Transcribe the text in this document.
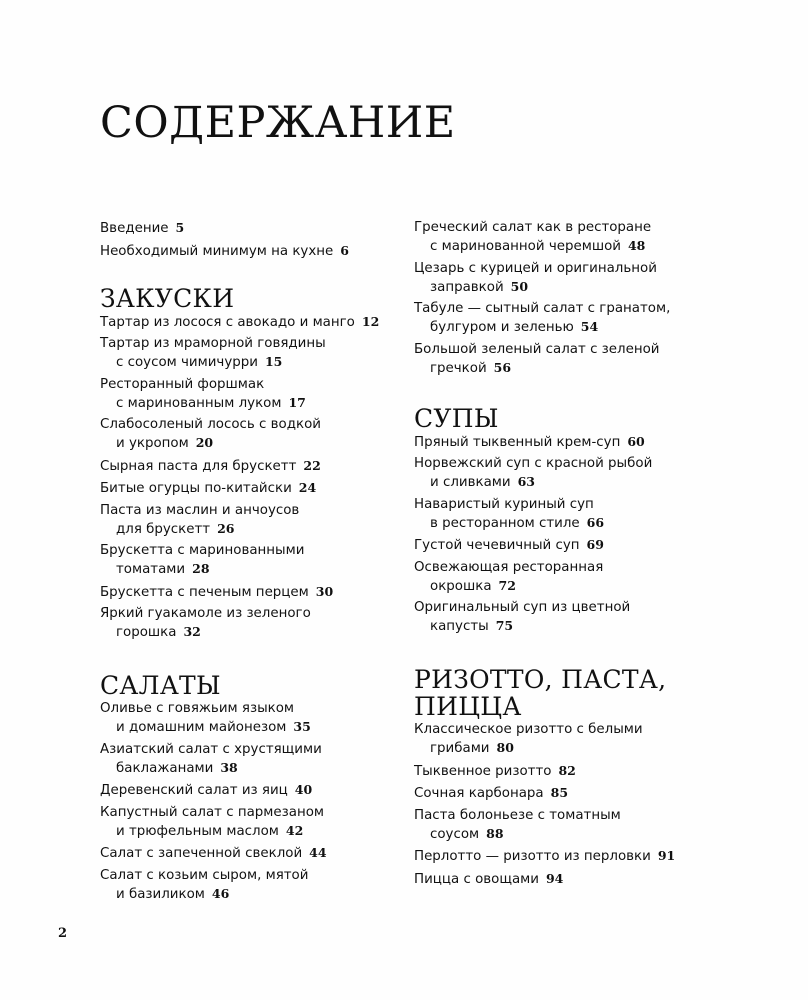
СОДЕРЖАНИЕ
Введение 5
Необходимый минимум на кухне 6
ЗАКУСКИ
Тартар из лосося с авокадо и манго 12
Тартар из мраморной говядины
с соусом чимичурри 15
Ресторанный форшмак
с маринованным луком 17
Слабосоленый лосось с водкой
и укропом 20
Сырная паста для брускетт 22
Битые огурцы по-китайски 24
Паста из маслин и анчоусов
для брускетт 26
Брускетта с маринованными
томатами 28
Брускетта с печеным перцем 30
Яркий гуакамоле из зеленого
горошка 32
САЛАТЫ
Оливье с говяжьим языком
и домашним майонезом 35
Азиатский салат с хрустящими
баклажанами 38
Деревенский салат из яиц 40
Капустный салат с пармезаном
и трюфельным маслом 42
Салат с запеченной свеклой 44
Салат с козьим сыром, мятой
и базиликом 46
Греческий салат как в ресторане
с маринованной черемшой 48
Цезарь с курицей и оригинальной
заправкой 50
Табуле — сытный салат с гранатом,
булгуром и зеленью 54
Большой зеленый салат с зеленой
гречкой 56
СУПЫ
Пряный тыквенный крем-суп 60
Норвежский суп с красной рыбой
и сливками 63
Наваристый куриный суп
в ресторанном стиле 66
Густой чечевичный суп 69
Освежающая ресторанная
окрошка 72
Оригинальный суп из цветной
капусты 75
РИЗОТТО, ПАСТА, ПИЦЦА
Классическое ризотто с белыми
грибами 80
Тыквенное ризотто 82
Сочная карбонара 85
Паста болоньезе с томатным
соусом 88
Перлотто — ризотто из перловки 91
Пицца с овощами 94
2
